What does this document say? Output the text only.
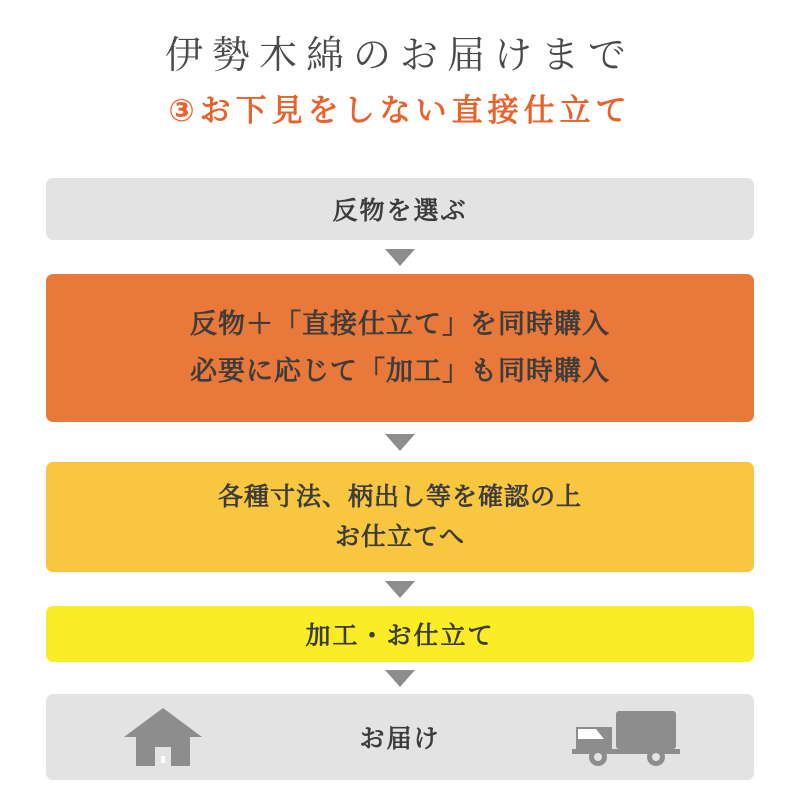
伊勢木綿のお届けまで
③お下見をしない直接仕立て
反物を選ぶ
反物＋「直接仕立て」を同時購入
必要に応じて「加工」も同時購入
各種寸法、柄出し等を確認の上
お仕立てへ
加工・お仕立て
お届け
